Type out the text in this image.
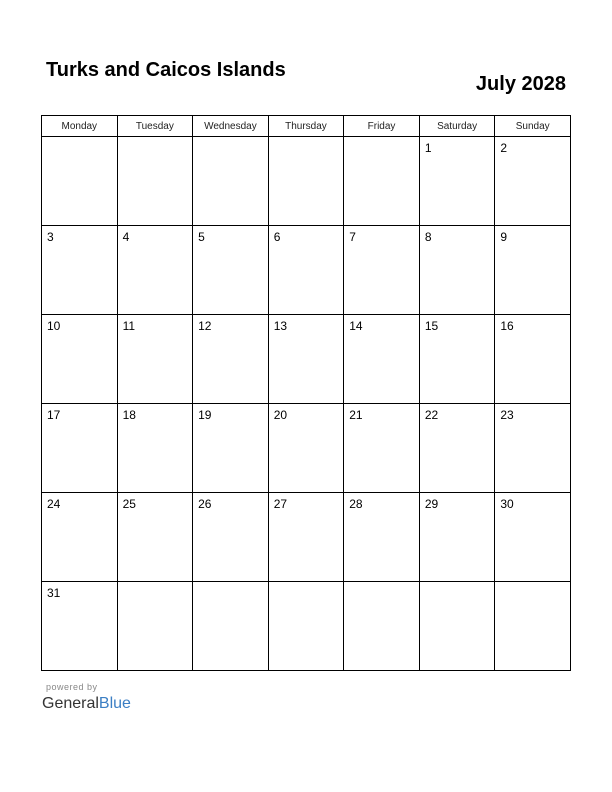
Turks and Caicos Islands
July 2028
Monday	Tuesday	Wednesday	Thursday	Friday	Saturday	Sunday

					1	2

3	4	5	6	7	8	9

10	11	12	13	14	15	16

17	18	19	20	21	22	23

24	25	26	27	28	29	30

31						

powered by
GeneralBlue
